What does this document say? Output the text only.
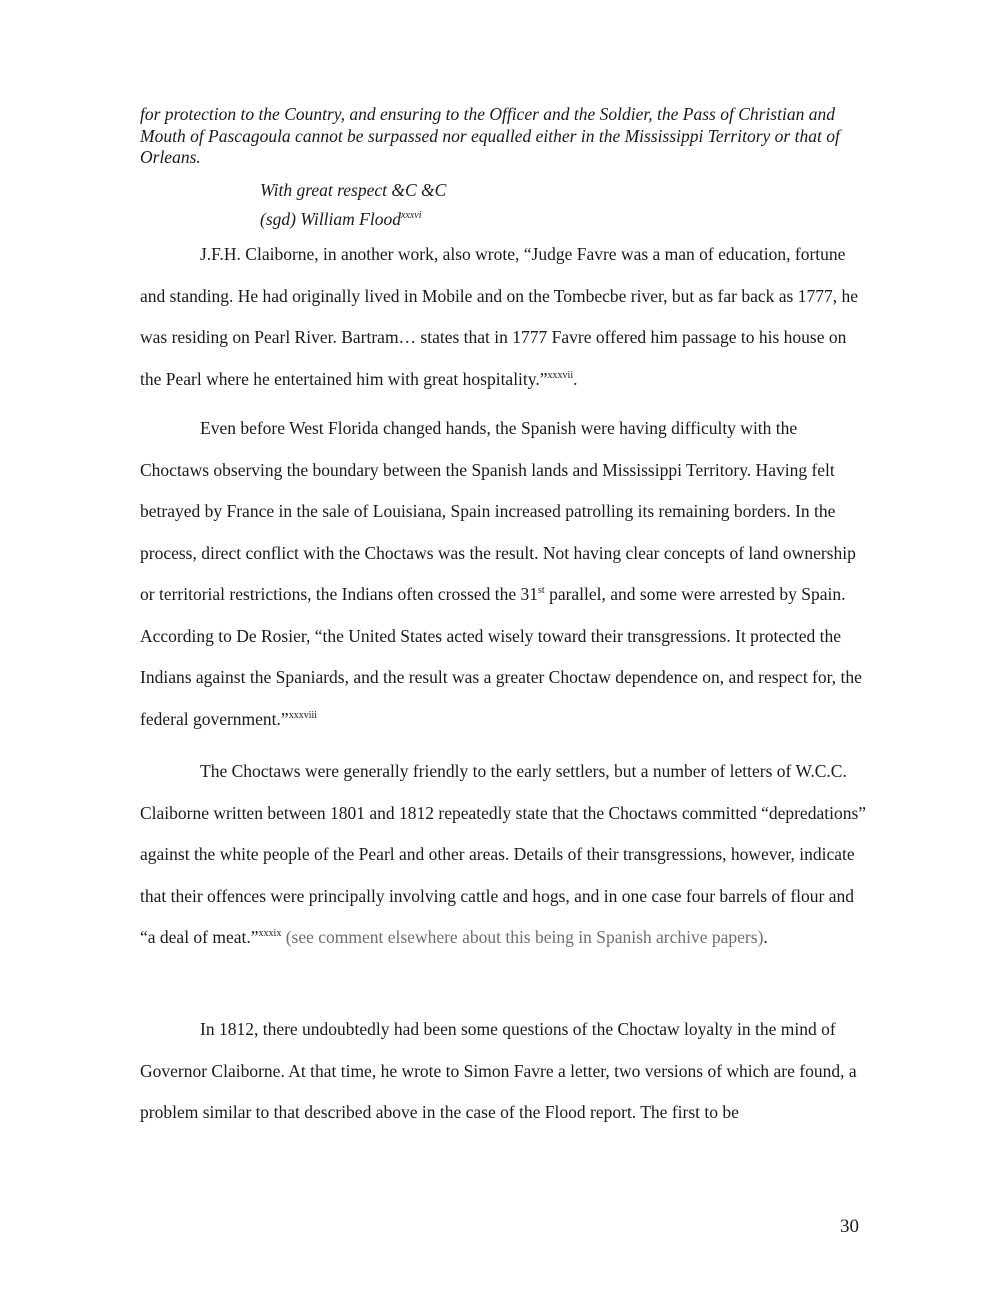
for protection to the Country, and ensuring to the Officer and the Soldier, the Pass of Christian and Mouth of Pascagoula cannot be surpassed nor equalled either in the Mississippi Territory or that of Orleans.
With great respect &C &C
(sgd) William Flood$^{xxxvi}$

J.F.H. Claiborne, in another work, also wrote, “Judge Favre was a man of education, fortune and standing. He had originally lived in Mobile and on the Tombecbe river, but as far back as 1777, he was residing on Pearl River. Bartram… states that in 1777 Favre offered him passage to his house on the Pearl where he entertained him with great hospitality.”$^{xxxvii}$.

Even before West Florida changed hands, the Spanish were having difficulty with the Choctaws observing the boundary between the Spanish lands and Mississippi Territory. Having felt betrayed by France in the sale of Louisiana, Spain increased patrolling its remaining borders. In the process, direct conflict with the Choctaws was the result. Not having clear concepts of land ownership or territorial restrictions, the Indians often crossed the 31st parallel, and some were arrested by Spain. According to De Rosier, “the United States acted wisely toward their transgressions. It protected the Indians against the Spaniards, and the result was a greater Choctaw dependence on, and respect for, the federal government.”$^{xxxviii}$

The Choctaws were generally friendly to the early settlers, but a number of letters of W.C.C. Claiborne written between 1801 and 1812 repeatedly state that the Choctaws committed “depredations” against the white people of the Pearl and other areas. Details of their transgressions, however, indicate that their offences were principally involving cattle and hogs, and in one case four barrels of flour and “a deal of meat.”$^{xxxix}$ (see comment elsewhere about this being in Spanish archive papers).

In 1812, there undoubtedly had been some questions of the Choctaw loyalty in the mind of Governor Claiborne. At that time, he wrote to Simon Favre a letter, two versions of which are found, a problem similar to that described above in the case of the Flood report. The first to be

30
